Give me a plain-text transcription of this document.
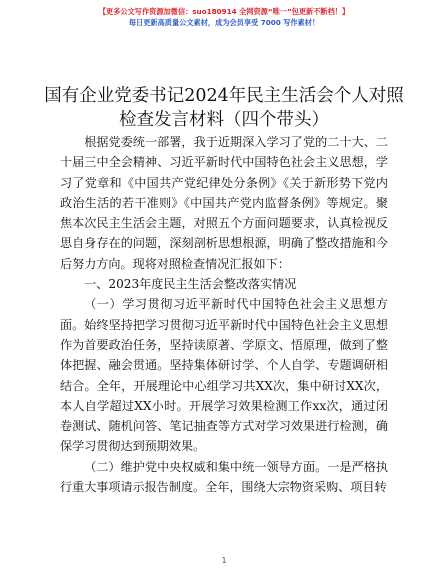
【更多公文写作资源加微信：suo180914 全网资源“唯一”包更新不断档！】
每日更新高质量公文素材，成为会员享受 7000 写作素材！
国有企业党委书记2024年民主生活会个人对照检查发言材料（四个带头）

根据党委统一部署，我于近期深入学习了党的二十大、二十届三中全会精神、习近平新时代中国特色社会主义思想，学习了党章和《中国共产党纪律处分条例》《关于新形势下党内政治生活的若干准则》《中国共产党内监督条例》等规定。聚焦本次民主生活会主题，对照五个方面问题要求，认真检视反思自身存在的问题，深刻剖析思想根源，明确了整改措施和今后努力方向。现将对照检查情况汇报如下：

一、2023年度民主生活会整改落实情况

（一）学习贯彻习近平新时代中国特色社会主义思想方面。始终坚持把学习贯彻习近平新时代中国特色社会主义思想作为首要政治任务，坚持读原著、学原文、悟原理，做到了整体把握、融会贯通。坚持集体研讨学、个人自学、专题调研相结合。全年，开展理论中心组学习共XX次，集中研讨XX次，本人自学超过XX小时。开展学习效果检测工作xx次，通过闭卷测试、随机问答、笔记抽查等方式对学习效果进行检测，确保学习贯彻达到预期效果。

（二）维护党中央权威和集中统一领导方面。一是严格执行重大事项请示报告制度。全年，围绕大宗物资采购、项目转

1
